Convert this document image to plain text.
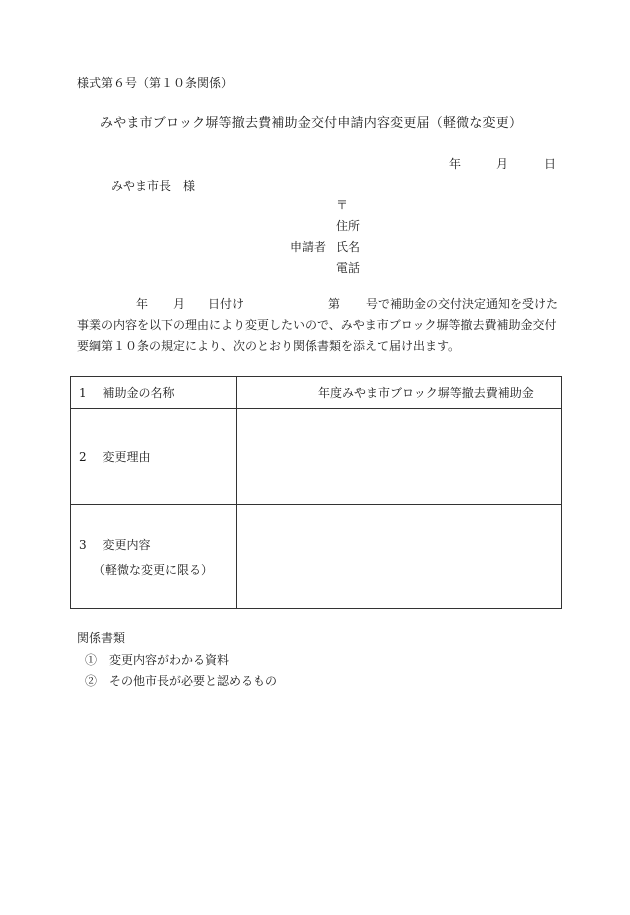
様式第６号（第１０条関係）
みやま市ブロック塀等撤去費補助金交付申請内容変更届（軽微な変更）
年	月	日
みやま市長　様
〒
住所
申請者 氏名
電話
年 月 日付け	第 号で補助金の交付決定通知を受けた
事業の内容を以下の理由により変更したいので、みやま市ブロック塀等撤去費補助金交付
要綱第１０条の規定により、次のとおり関係書類を添えて届け出ます。
1　 補助金の名称	年度みやま市ブロック塀等撤去費補助金
2　 変更理由	
3　 変更内容
（軽微な変更に限る）	

関係書類
①　変更内容がわかる資料
②　その他市長が必要と認めるもの
